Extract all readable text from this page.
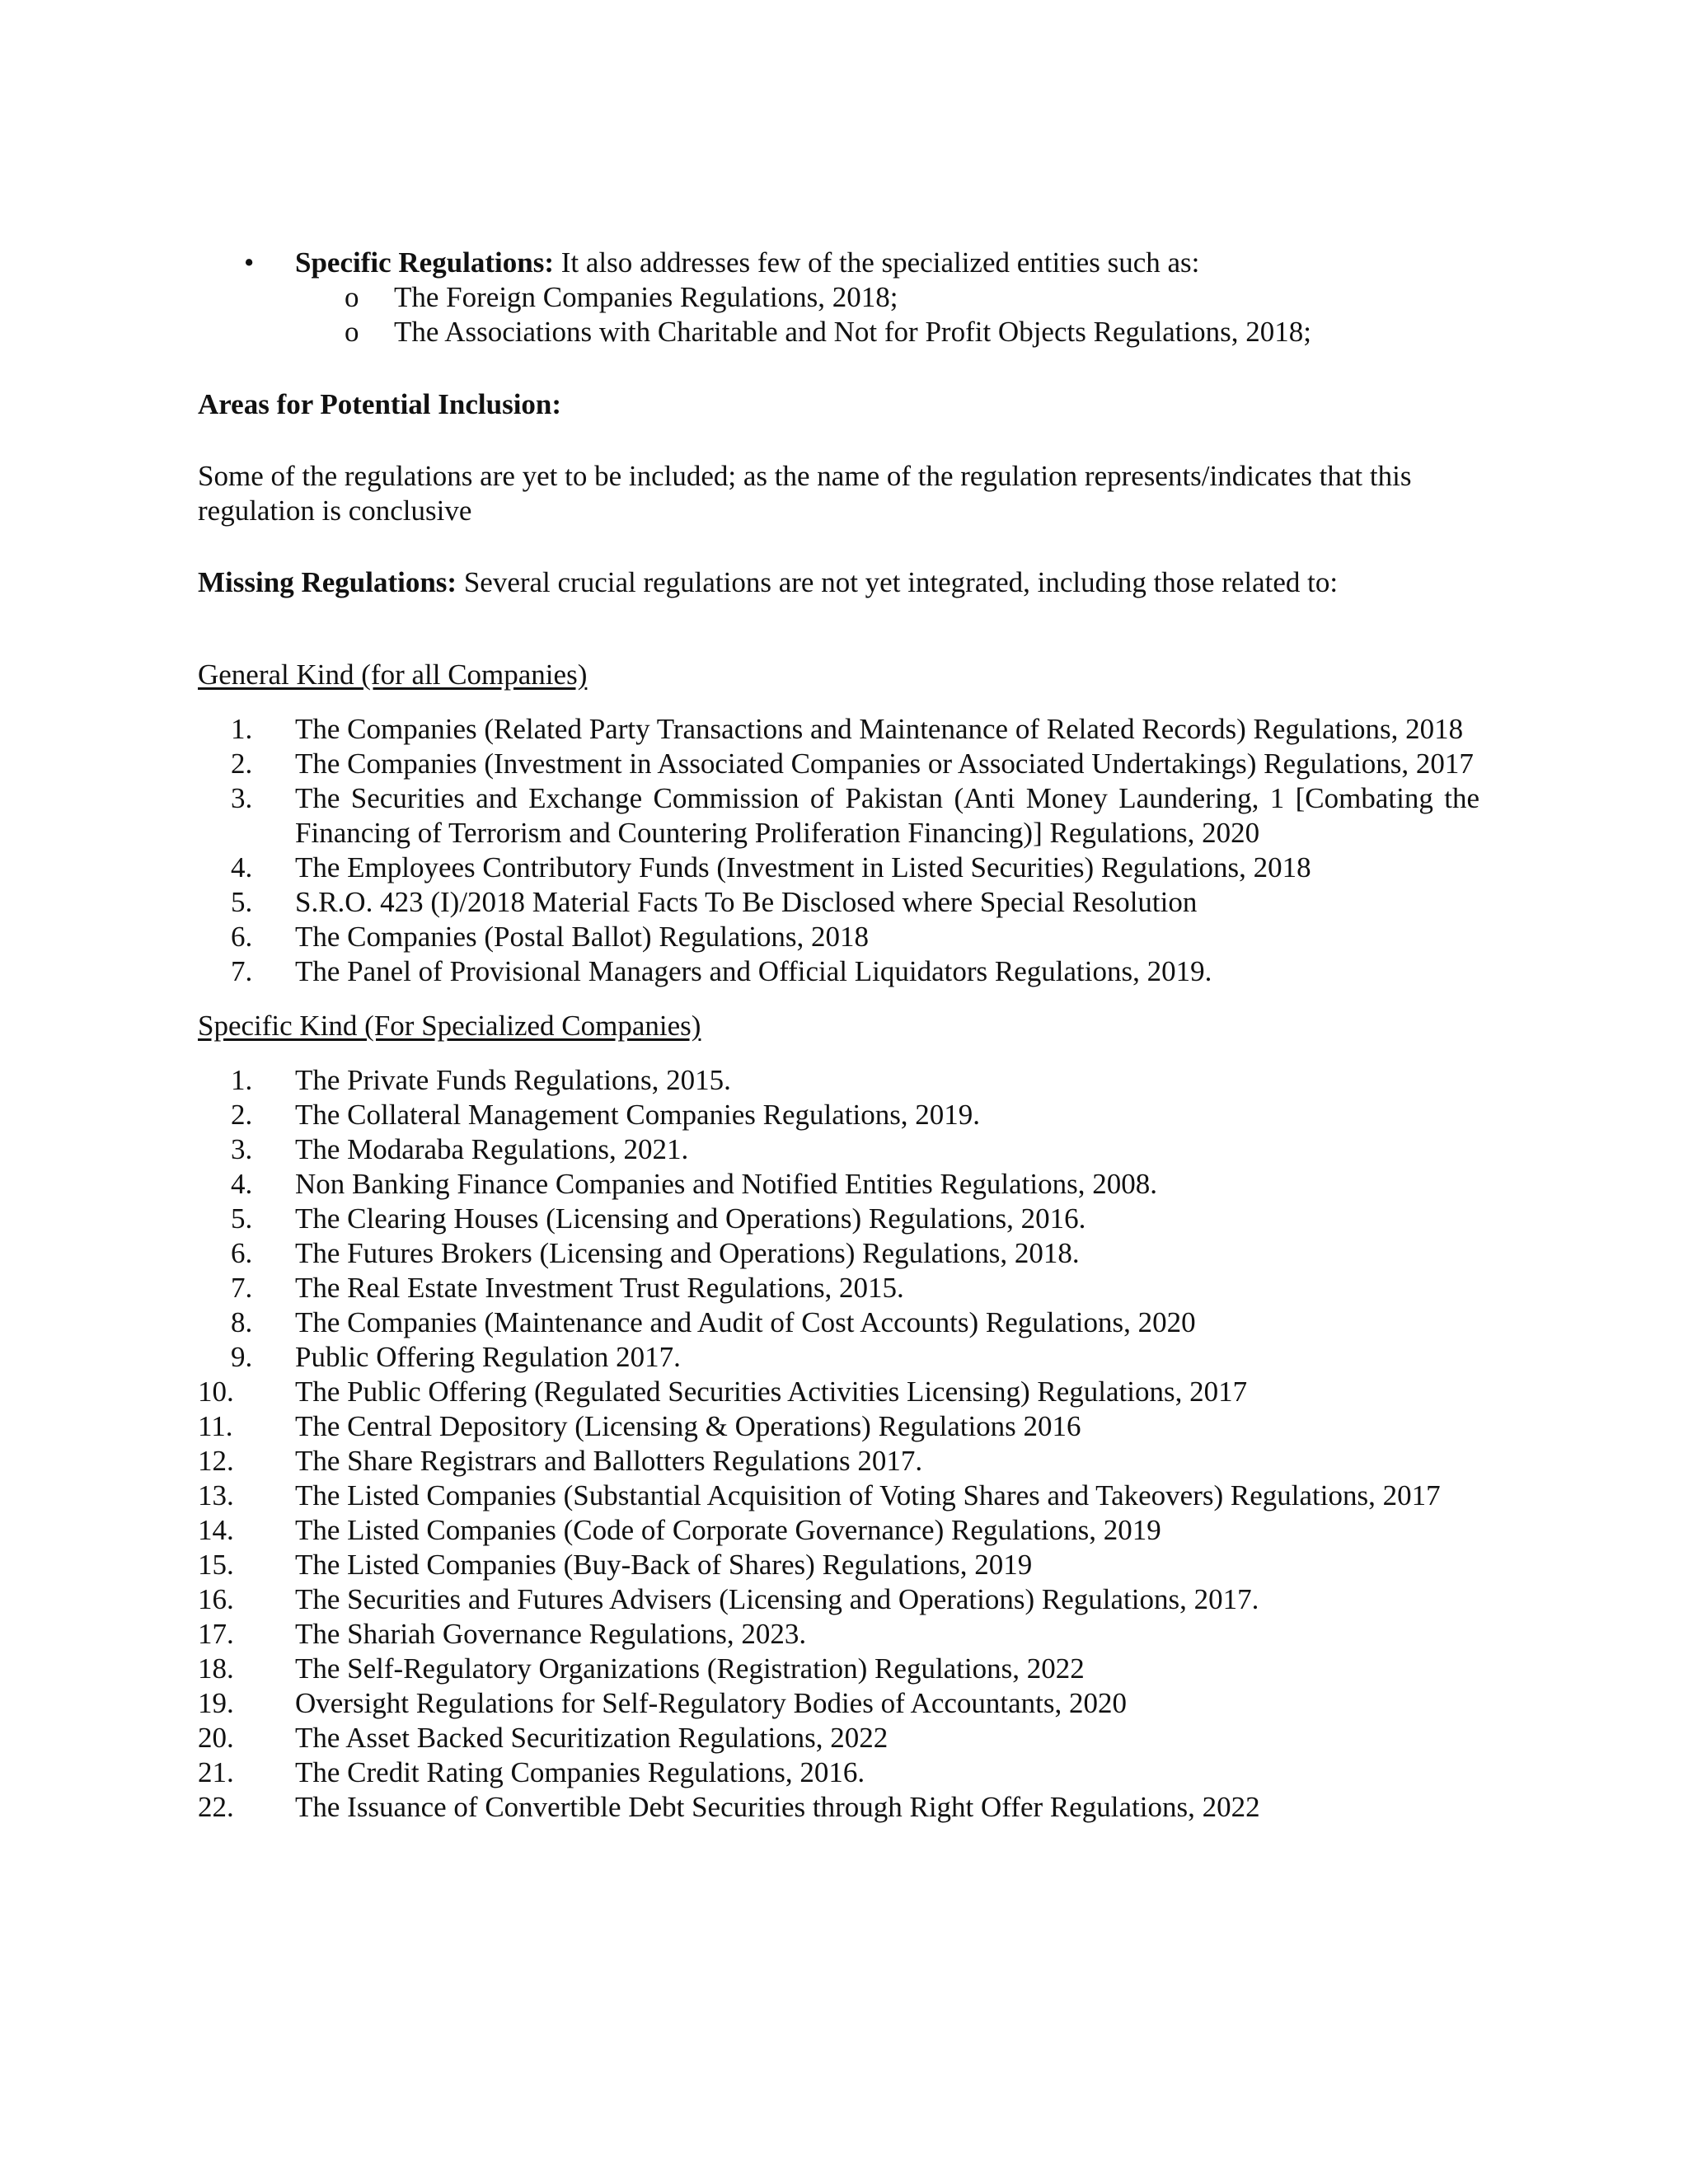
•	Specific Regulations: It also addresses few of the specialized entities such as:
o The Foreign Companies Regulations, 2018;
o The Associations with Charitable and Not for Profit Objects Regulations, 2018;

Areas for Potential Inclusion:

Some of the regulations are yet to be included; as the name of the regulation represents/indicates that this regulation is conclusive

Missing Regulations: Several crucial regulations are not yet integrated, including those related to:

General Kind (for all Companies)

1.	The Companies (Related Party Transactions and Maintenance of Related Records) Regulations, 2018
2.	The Companies (Investment in Associated Companies or Associated Undertakings) Regulations, 2017
3.	The Securities and Exchange Commission of Pakistan (Anti Money Laundering, 1 [Combating the Financing of Terrorism and Countering Proliferation Financing)] Regulations, 2020
4.	The Employees Contributory Funds (Investment in Listed Securities) Regulations, 2018
5.	S.R.O. 423 (I)/2018 Material Facts To Be Disclosed where Special Resolution
6.	The Companies (Postal Ballot) Regulations, 2018
7.	The Panel of Provisional Managers and Official Liquidators Regulations, 2019.

Specific Kind (For Specialized Companies)

1.	The Private Funds Regulations, 2015.
2.	The Collateral Management Companies Regulations, 2019.
3.	The Modaraba Regulations, 2021.
4.	Non Banking Finance Companies and Notified Entities Regulations, 2008.
5.	The Clearing Houses (Licensing and Operations) Regulations, 2016.
6.	The Futures Brokers (Licensing and Operations) Regulations, 2018.
7.	The Real Estate Investment Trust Regulations, 2015.
8.	The Companies (Maintenance and Audit of Cost Accounts) Regulations, 2020
9.	Public Offering Regulation 2017.
10.	The Public Offering (Regulated Securities Activities Licensing) Regulations, 2017
11.	The Central Depository (Licensing & Operations) Regulations 2016
12.	The Share Registrars and Ballotters Regulations 2017.
13.	The Listed Companies (Substantial Acquisition of Voting Shares and Takeovers) Regulations, 2017
14.	The Listed Companies (Code of Corporate Governance) Regulations, 2019
15.	The Listed Companies (Buy-Back of Shares) Regulations, 2019
16.	The Securities and Futures Advisers (Licensing and Operations) Regulations, 2017.
17.	The Shariah Governance Regulations, 2023.
18.	The Self-Regulatory Organizations (Registration) Regulations, 2022
19.	Oversight Regulations for Self-Regulatory Bodies of Accountants, 2020
20.	The Asset Backed Securitization Regulations, 2022
21.	The Credit Rating Companies Regulations, 2016.
22.	The Issuance of Convertible Debt Securities through Right Offer Regulations, 2022
